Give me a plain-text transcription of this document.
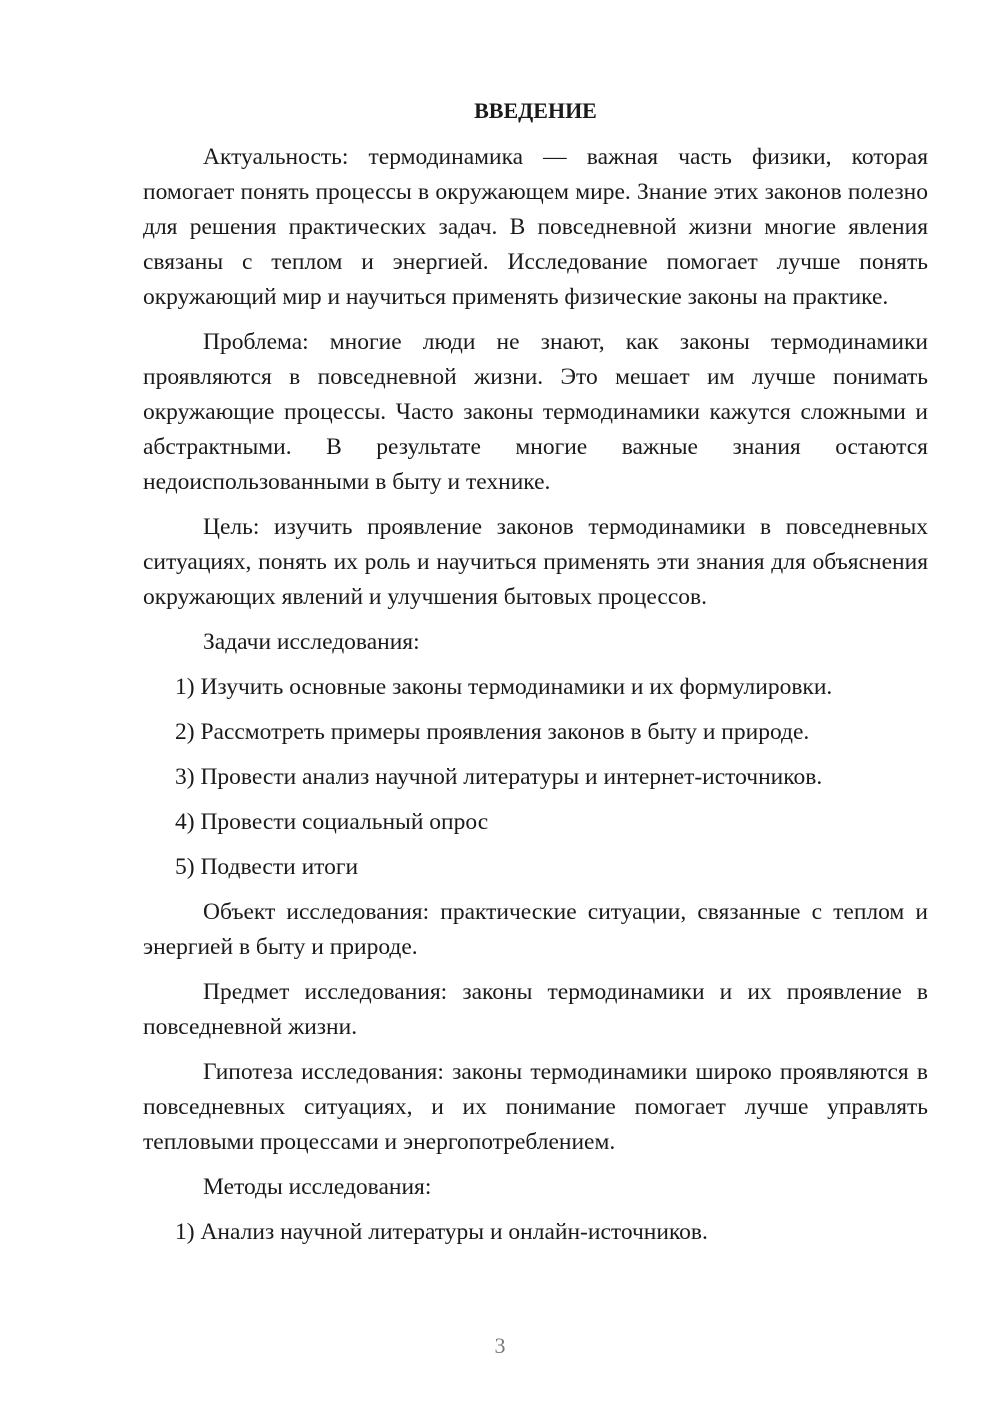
ВВЕДЕНИЕ

Актуальность: термодинамика — важная часть физики, которая помогает понять процессы в окружающем мире. Знание этих законов полезно для решения практических задач. В повседневной жизни многие явления связаны с теплом и энергией. Исследование помогает лучше понять окружающий мир и научиться применять физические законы на практике.

Проблема: многие люди не знают, как законы термодинамики проявляются в повседневной жизни. Это мешает им лучше понимать окружающие процессы. Часто законы термодинамики кажутся сложными и абстрактными. В результате многие важные знания остаются недоиспользованными в быту и технике.

Цель: изучить проявление законов термодинамики в повседневных ситуациях, понять их роль и научиться применять эти знания для объяснения окружающих явлений и улучшения бытовых процессов.

Задачи исследования:

1) Изучить основные законы термодинамики и их формулировки.

2) Рассмотреть примеры проявления законов в быту и природе.

3) Провести анализ научной литературы и интернет-источников.

4) Провести социальный опрос

5) Подвести итоги

Объект исследования: практические ситуации, связанные с теплом и энергией в быту и природе.

Предмет исследования: законы термодинамики и их проявление в повседневной жизни.

Гипотеза исследования: законы термодинамики широко проявляются в повседневных ситуациях, и их понимание помогает лучше управлять тепловыми процессами и энергопотреблением.

Методы исследования:

1) Анализ научной литературы и онлайн-источников.

3
